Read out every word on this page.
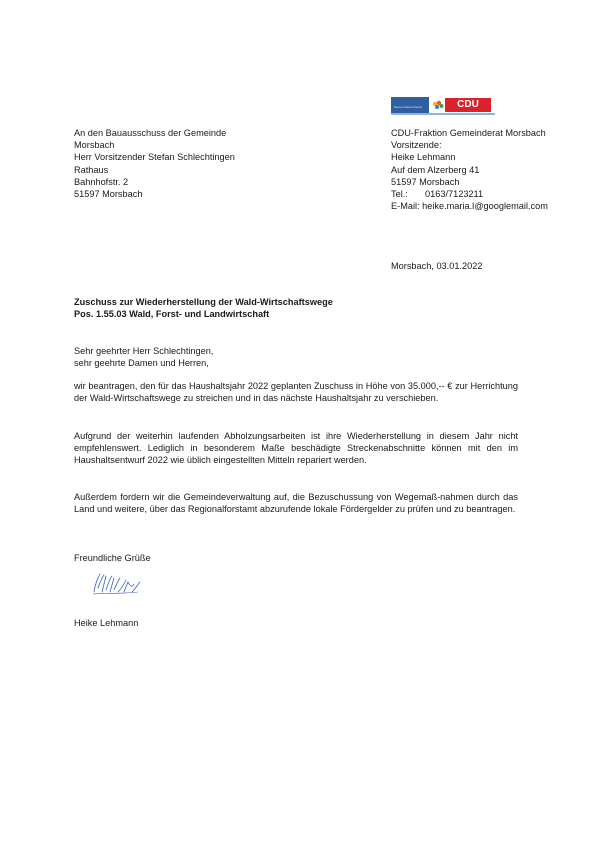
Gemeindeverband	CDU
An den Bauausschuss der Gemeinde
Morsbach
Herr Vorsitzender Stefan Schlechtingen
Rathaus
Bahnhofstr. 2
51597 Morsbach
CDU-Fraktion Gemeinderat Morsbach
Vorsitzende:
Heike Lehmann
Auf dem Alzerberg 41
51597 Morsbach
Tel.: 0163/7123211
E-Mail: heike.maria.l@googlemail.com
Morsbach, 03.01.2022
Zuschuss zur Wiederherstellung der Wald-Wirtschaftswege
Pos. 1.55.03 Wald, Forst- und Landwirtschaft
Sehr geehrter Herr Schlechtingen,
sehr geehrte Damen und Herren,
wir beantragen, den für das Haushaltsjahr 2022 geplanten Zuschuss in Höhe von 35.000,-- € zur Herrichtung der Wald-Wirtschaftswege zu streichen und in das nächste Haushaltsjahr zu verschieben.
Aufgrund der weiterhin laufenden Abholzungsarbeiten ist ihre Wiederherstellung in diesem Jahr nicht empfehlenswert. Lediglich in besonderem Maße beschädigte Streckenabschnitte können mit den im Haushaltsentwurf 2022 wie üblich eingestellten Mitteln repariert werden.
Außerdem fordern wir die Gemeindeverwaltung auf, die Bezuschussung von Wegemaß-nahmen durch das Land und weitere, über das Regionalforstamt abzurufende lokale Fördergelder zu prüfen und zu beantragen.
Freundliche Grüße
Heike Lehmann
